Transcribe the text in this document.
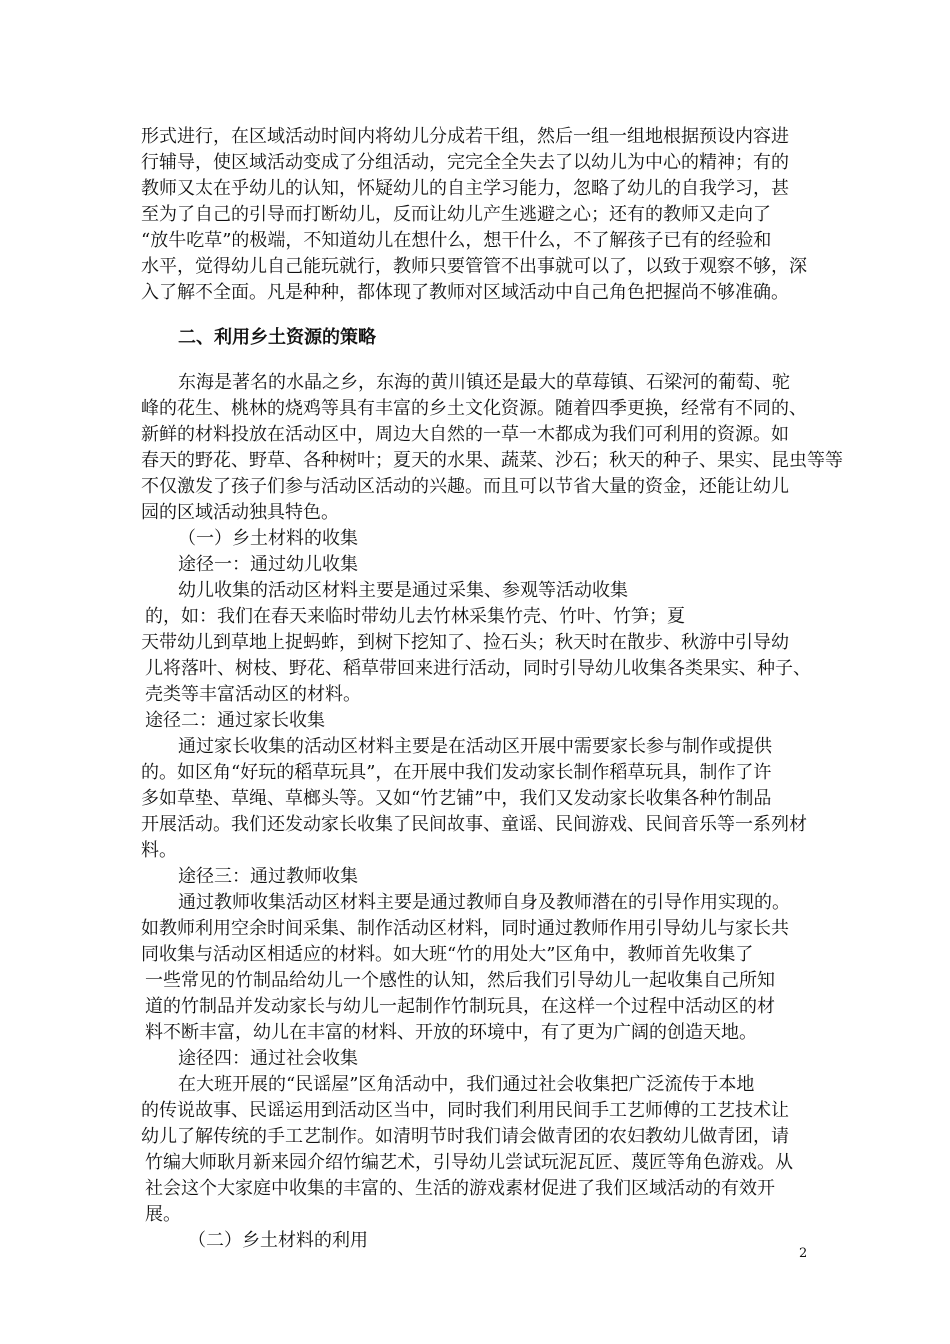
形式进行，在区域活动时间内将幼儿分成若干组，然后一组一组地根据预设内容进
行辅导，使区域活动变成了分组活动，完完全全失去了以幼儿为中心的精神；有的
教师又太在乎幼儿的认知，怀疑幼儿的自主学习能力，忽略了幼儿的自我学习，甚
至为了自己的引导而打断幼儿，反而让幼儿产生逃避之心；还有的教师又走向了
“放牛吃草”的极端，不知道幼儿在想什么，想干什么，不了解孩子已有的经验和
水平，觉得幼儿自己能玩就行，教师只要管管不出事就可以了，以致于观察不够，深
入了解不全面。凡是种种，都体现了教师对区域活动中自己角色把握尚不够准确。
二、利用乡土资源的策略
东海是著名的水晶之乡，东海的黄川镇还是最大的草莓镇、石梁河的葡萄、驼
峰的花生、桃林的烧鸡等具有丰富的乡土文化资源。随着四季更换，经常有不同的、
新鲜的材料投放在活动区中，周边大自然的一草一木都成为我们可利用的资源。如
春天的野花、野草、各种树叶；夏天的水果、蔬菜、沙石；秋天的种子、果实、昆虫等等
不仅激发了孩子们参与活动区活动的兴趣。而且可以节省大量的资金，还能让幼儿
园的区域活动独具特色。
（一）乡土材料的收集
途径一：通过幼儿收集
幼儿收集的活动区材料主要是通过采集、参观等活动收集
的，如：我们在春天来临时带幼儿去竹林采集竹壳、竹叶、竹笋；夏
天带幼儿到草地上捉蚂蚱，到树下挖知了、捡石头；秋天时在散步、秋游中引导幼
儿将落叶、树枝、野花、稻草带回来进行活动，同时引导幼儿收集各类果实、种子、
壳类等丰富活动区的材料。
途径二：通过家长收集
通过家长收集的活动区材料主要是在活动区开展中需要家长参与制作或提供
的。如区角“好玩的稻草玩具”，在开展中我们发动家长制作稻草玩具，制作了许
多如草垫、草绳、草榔头等。又如“竹艺铺”中，我们又发动家长收集各种竹制品
开展活动。我们还发动家长收集了民间故事、童谣、民间游戏、民间音乐等一系列材
料。
途径三：通过教师收集
通过教师收集活动区材料主要是通过教师自身及教师潜在的引导作用实现的。
如教师利用空余时间采集、制作活动区材料，同时通过教师作用引导幼儿与家长共
同收集与活动区相适应的材料。如大班“竹的用处大”区角中，教师首先收集了
一些常见的竹制品给幼儿一个感性的认知，然后我们引导幼儿一起收集自己所知
道的竹制品并发动家长与幼儿一起制作竹制玩具，在这样一个过程中活动区的材
料不断丰富，幼儿在丰富的材料、开放的环境中，有了更为广阔的创造天地。
途径四：通过社会收集
在大班开展的“民谣屋”区角活动中，我们通过社会收集把广泛流传于本地
的传说故事、民谣运用到活动区当中，同时我们利用民间手工艺师傅的工艺技术让
幼儿了解传统的手工艺制作。如清明节时我们请会做青团的农妇教幼儿做青团，请
竹编大师耿月新来园介绍竹编艺术，引导幼儿尝试玩泥瓦匠、蔑匠等角色游戏。从
社会这个大家庭中收集的丰富的、生活的游戏素材促进了我们区域活动的有效开
展。
（二）乡土材料的利用
2
